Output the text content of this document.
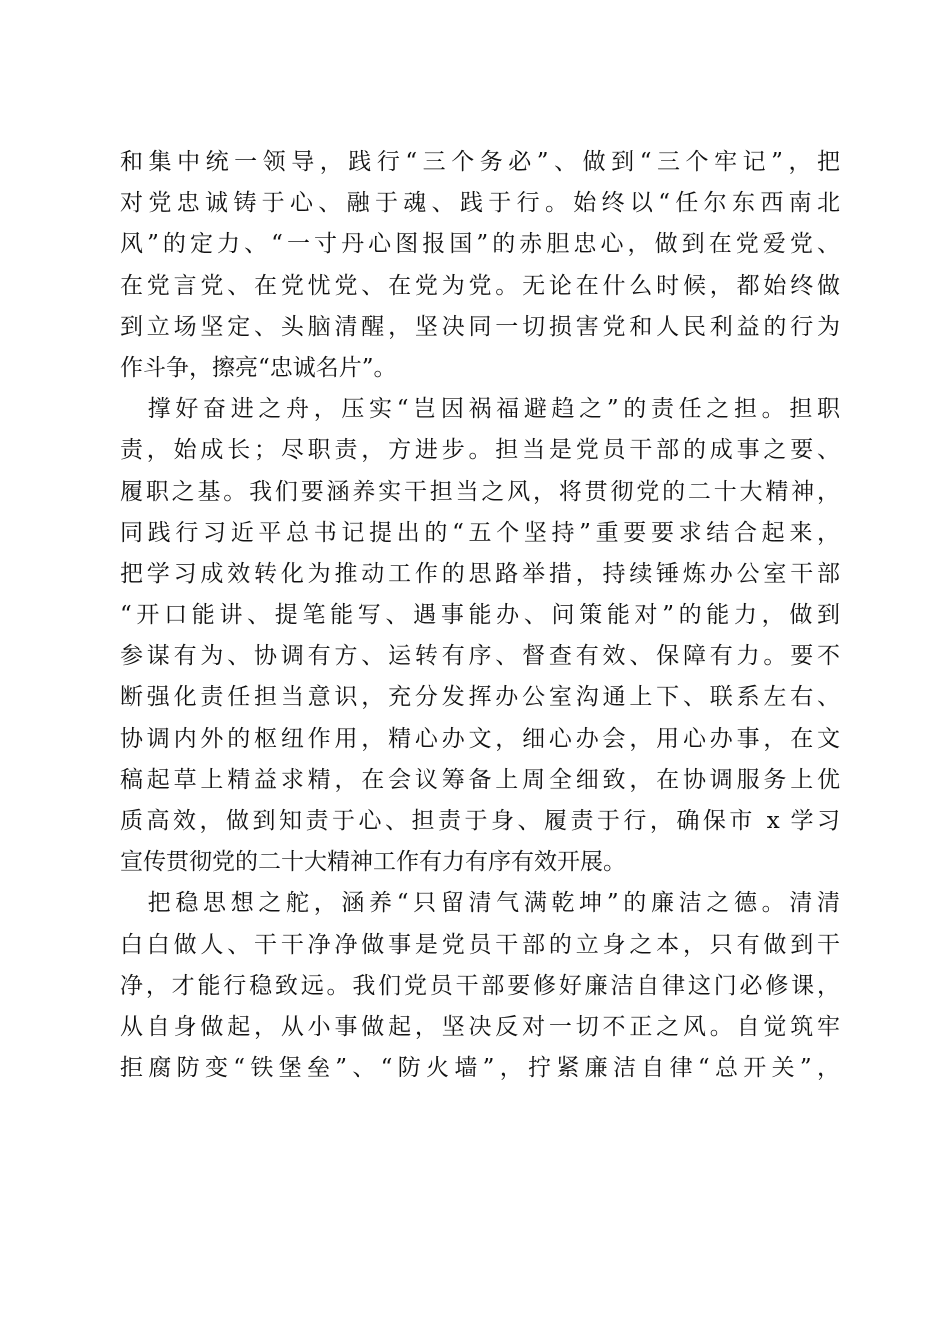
和集中统一领导，践行“三个务必”、做到“三个牢记”，把
对党忠诚铸于心、融于魂、践于行。始终以“任尔东西南北
风”的定力、“一寸丹心图报国”的赤胆忠心，做到在党爱党、
在党言党、在党忧党、在党为党。无论在什么时候，都始终做
到立场坚定、头脑清醒，坚决同一切损害党和人民利益的行为
作斗争，擦亮“忠诚名片”。
　撑好奋进之舟，压实“岂因祸福避趋之”的责任之担。担职
责，始成长；尽职责，方进步。担当是党员干部的成事之要、
履职之基。我们要涵养实干担当之风，将贯彻党的二十大精神，
同践行习近平总书记提出的“五个坚持”重要要求结合起来，
把学习成效转化为推动工作的思路举措，持续锤炼办公室干部
“开口能讲、提笔能写、遇事能办、问策能对”的能力，做到
参谋有为、协调有方、运转有序、督查有效、保障有力。要不
断强化责任担当意识，充分发挥办公室沟通上下、联系左右、
协调内外的枢纽作用，精心办文，细心办会，用心办事，在文
稿起草上精益求精，在会议筹备上周全细致，在协调服务上优
质高效，做到知责于心、担责于身、履责于行，确保市 x 学习
宣传贯彻党的二十大精神工作有力有序有效开展。
　把稳思想之舵，涵养“只留清气满乾坤”的廉洁之德。清清
白白做人、干干净净做事是党员干部的立身之本，只有做到干
净，才能行稳致远。我们党员干部要修好廉洁自律这门必修课，
从自身做起，从小事做起，坚决反对一切不正之风。自觉筑牢
拒腐防变“铁堡垒”、“防火墙”，拧紧廉洁自律“总开关”，
